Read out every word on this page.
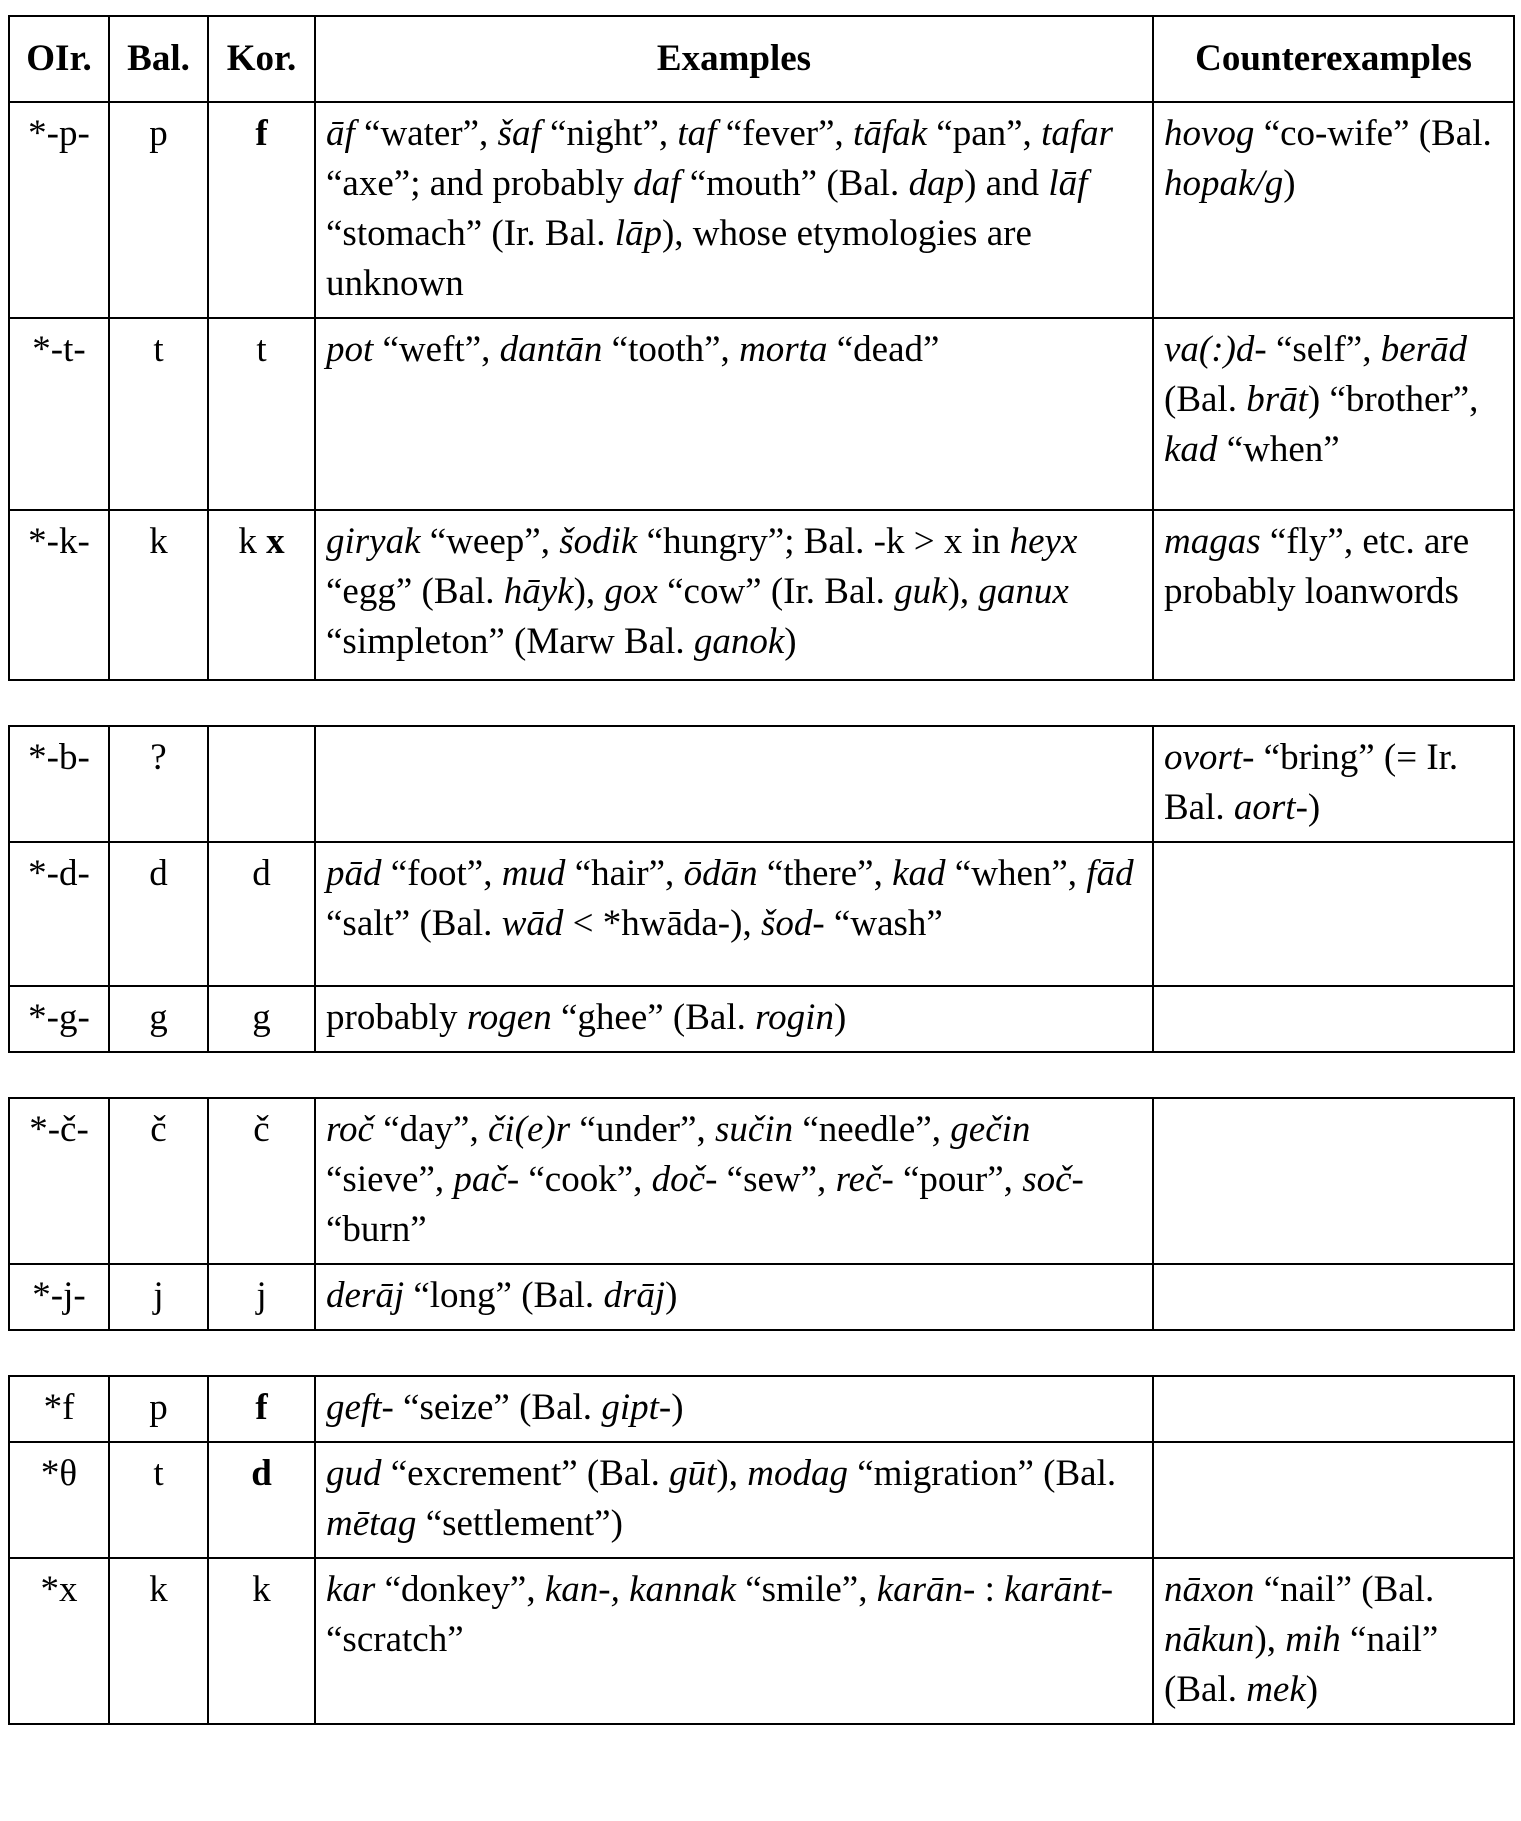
OIr.	Bal.	Kor.	Examples	Counterexamples
*-p-	p	f	āf “water”, šaf “night”, taf “fever”, tāfak “pan”, tafar “axe”; and probably daf “mouth” (Bal. dap) and lāf “stomach” (Ir. Bal. lāp), whose etymologies are unknown	hovog “co-wife” (Bal. hopak/g)
*-t-	t	t	pot “weft”, dantān “tooth”, morta “dead”	va(:)d- “self”, berād (Bal. brāt) “brother”, kad “when”
*-k-	k	k x	giryak “weep”, šodik “hungry”; Bal. -k > x in heyx “egg” (Bal. hāyk), gox “cow” (Ir. Bal. guk), ganux “simpleton” (Marw Bal. ganok)	magas “fly”, etc. are probably loanwords
*-b-	?			ovort- “bring” (= Ir. Bal. aort-)
*-d-	d	d	pād “foot”, mud “hair”, ōdān “there”, kad “when”, fād “salt” (Bal. wād < *hwāda-), šod- “wash”	
*-g-	g	g	probably rogen “ghee” (Bal. rogin)	
*-č-	č	č	roč “day”, či(e)r “under”, sučin “needle”, gečin “sieve”, pač- “cook”, doč- “sew”, reč- “pour”, soč- “burn”	
*-j-	j	j	derāj “long” (Bal. drāj)	
*f	p	f	geft- “seize” (Bal. gipt-)	
*θ	t	d	gud “excrement” (Bal. gūt), modag “migration” (Bal. mētag “settlement”)	
*x	k	k	kar “donkey”, kan-, kannak “smile”, karān- : karānt- “scratch”	nāxon “nail” (Bal. nākun), mih “nail” (Bal. mek)
